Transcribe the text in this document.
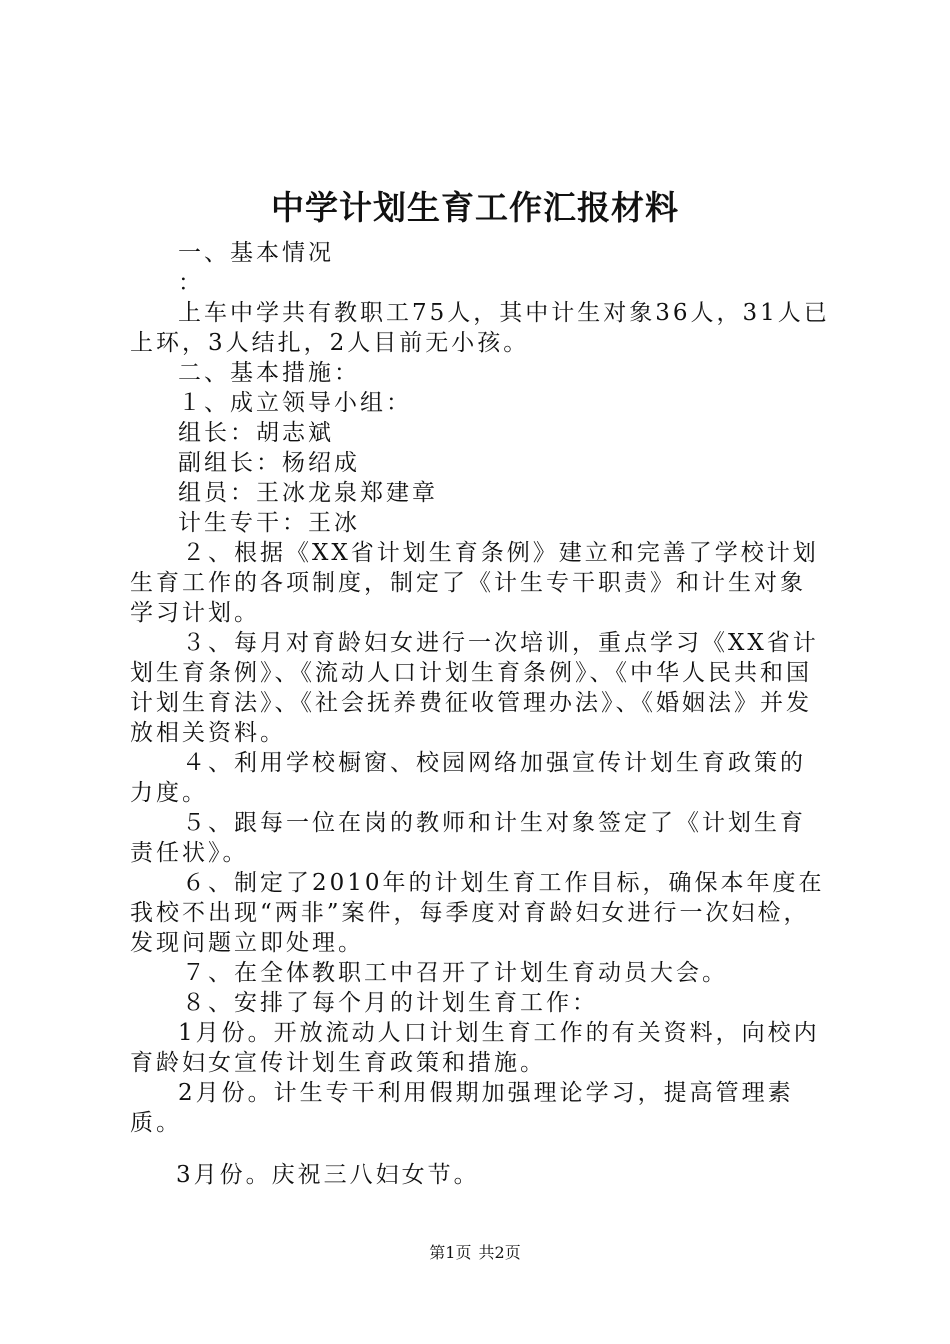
中学计划生育工作汇报材料

一、基本情况

：

上车中学共有教职工75人，其中计生对象36人，31人已上环，3人结扎，2人目前无小孩。

二、基本措施：

１、成立领导小组：

组长：胡志斌

副组长：杨绍成

组员：王冰龙泉郑建章

计生专干：王冰

２、根据《XX省计划生育条例》建立和完善了学校计划生育工作的各项制度，制定了《计生专干职责》和计生对象学习计划。

３、每月对育龄妇女进行一次培训，重点学习《XX省计划生育条例》、《流动人口计划生育条例》、《中华人民共和国计划生育法》、《社会抚养费征收管理办法》、《婚姻法》并发放相关资料。

４、利用学校橱窗、校园网络加强宣传计划生育政策的力度。

５、跟每一位在岗的教师和计生对象签定了《计划生育责任状》。

６、制定了2010年的计划生育工作目标，确保本年度在我校不出现“两非”案件，每季度对育龄妇女进行一次妇检，发现问题立即处理。

７、在全体教职工中召开了计划生育动员大会。

８、安排了每个月的计划生育工作：

1月份。开放流动人口计划生育工作的有关资料，向校内育龄妇女宣传计划生育政策和措施。

2月份。计生专干利用假期加强理论学习，提高管理素质。

3月份。庆祝三八妇女节。

第1页 共2页
